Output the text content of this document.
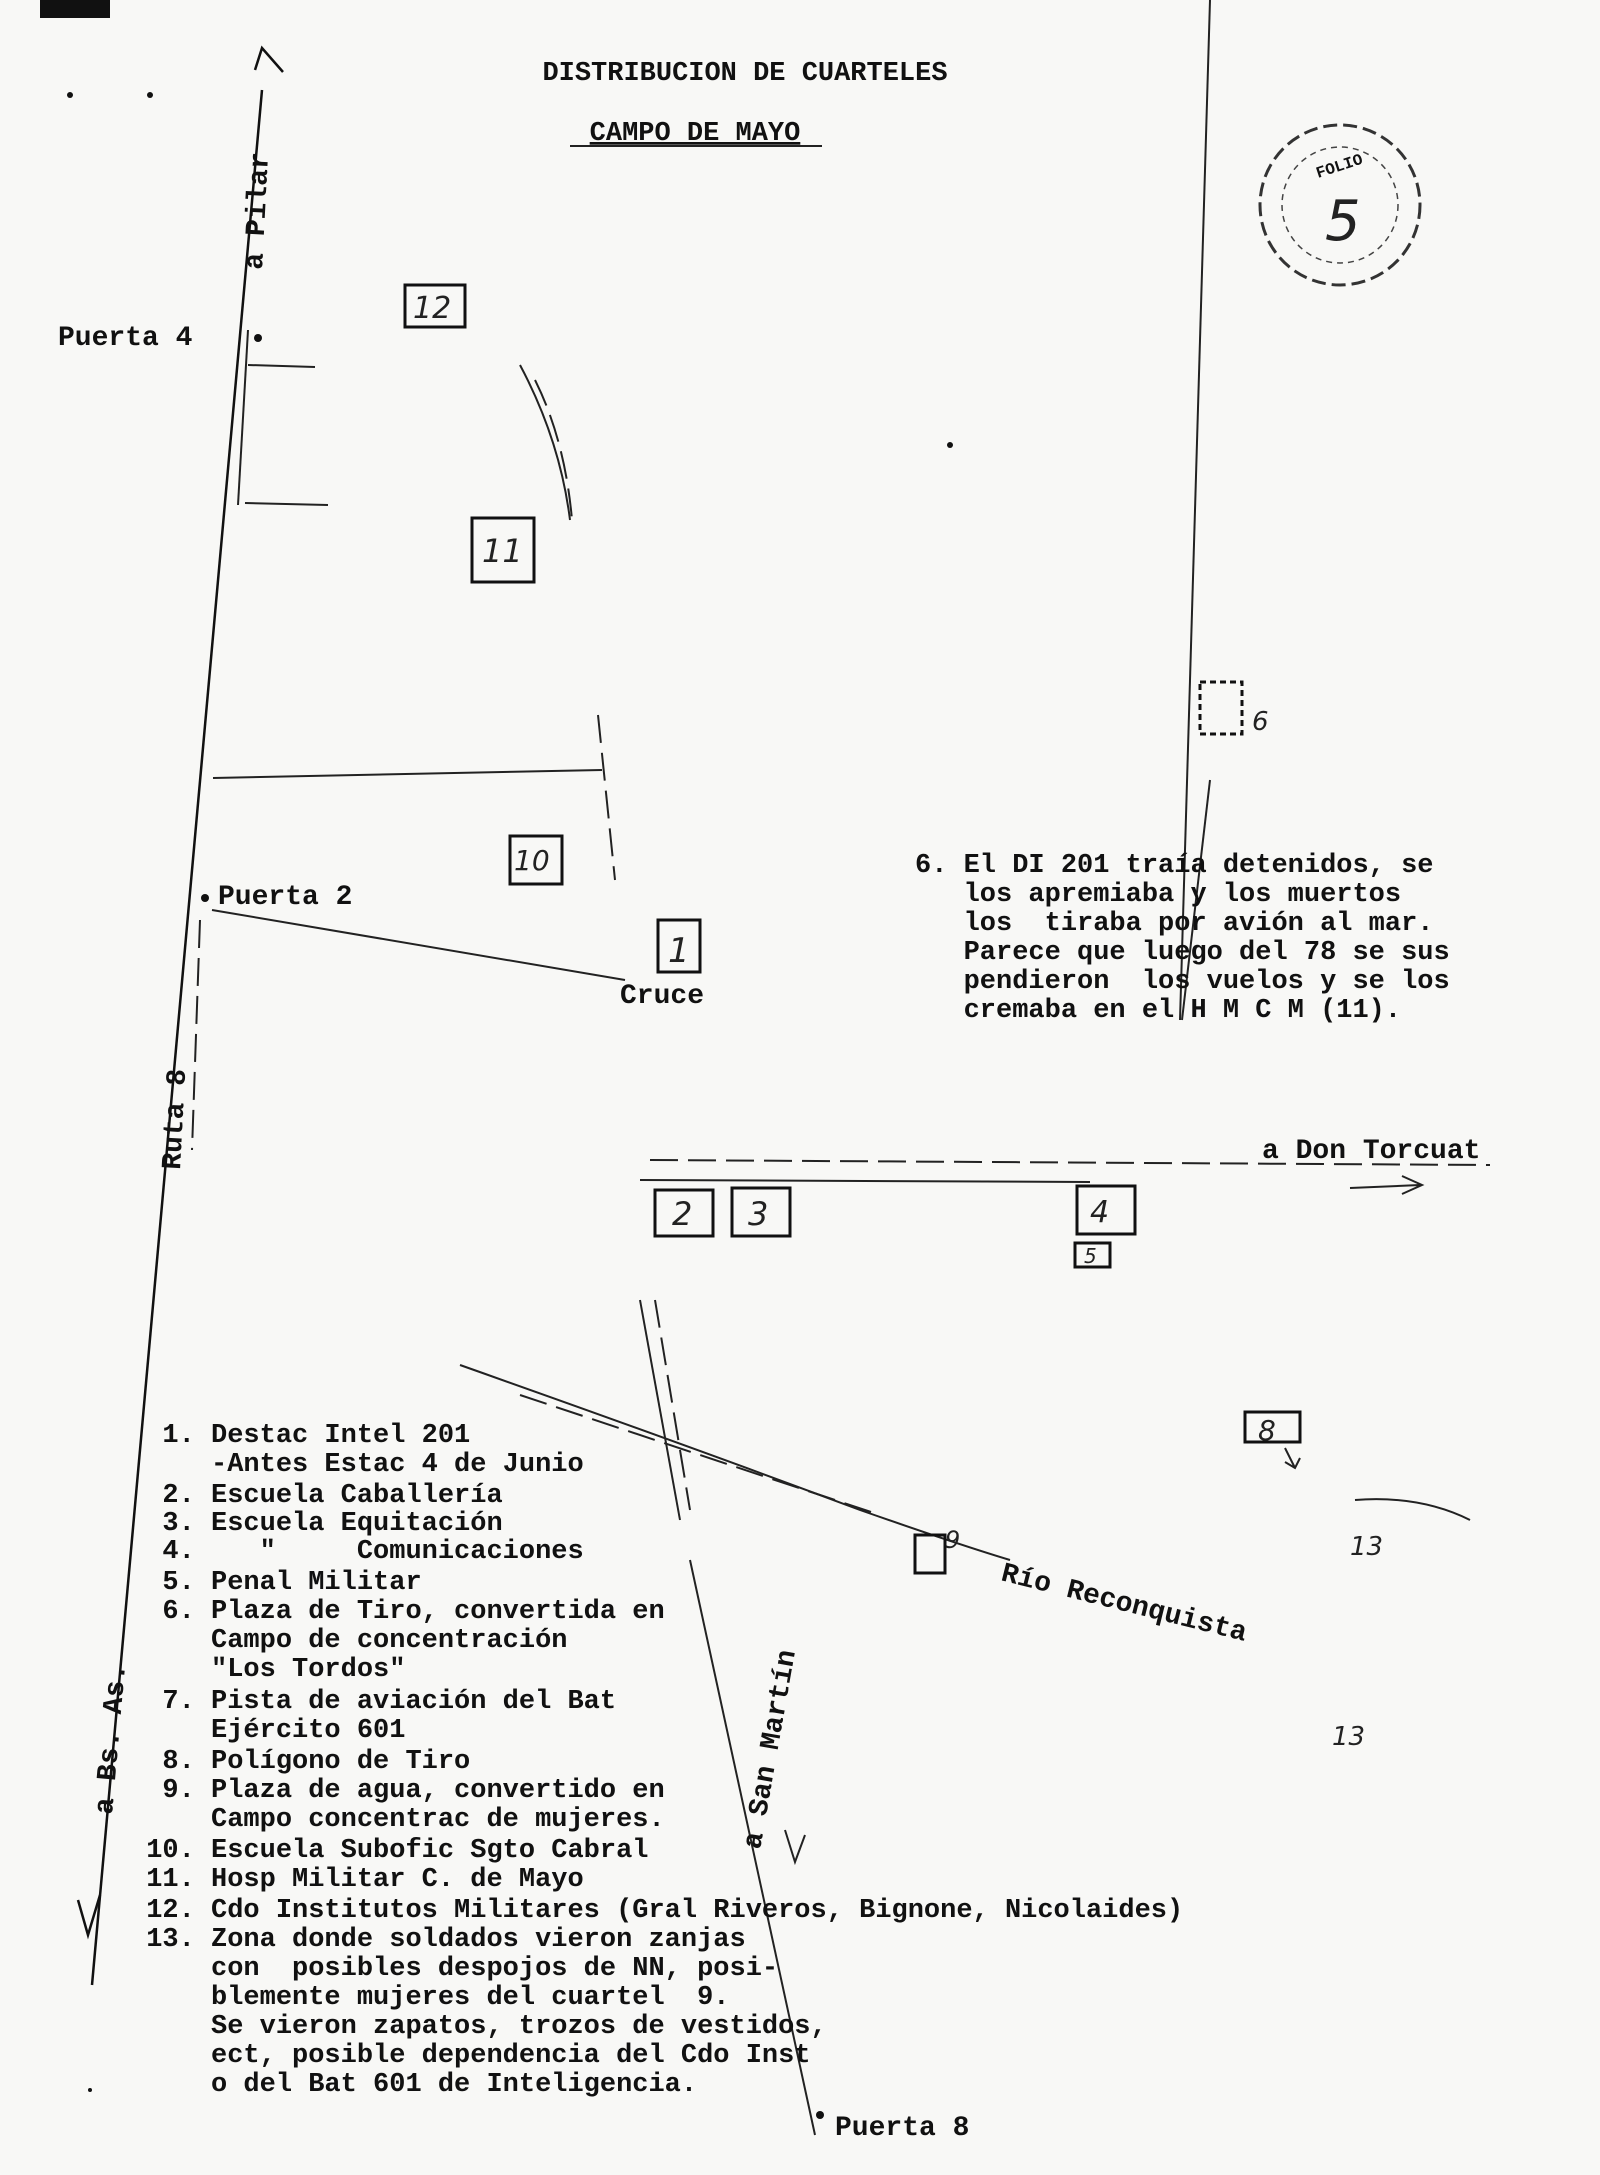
DISTRIBUCION DE CUARTELES
CAMPO DE MAYO
FOLIO
5
a Pilar
Ruta 8
a Bs. As.
Puerta 4
Puerta 2
Cruce
Puerta 8
a Don Torcuat
a San Martín
Río Reconquista
12
11
10
1
6
2 3	4
5
8
9	13
13
6. El DI 201 traía detenidos, se
los apremiaba y los muertos
los  tiraba por avión al mar.
Parece que luego del 78 se sus
pendieron  los vuelos y se los
cremaba en el H M C M (11).
1. Destac Intel 201
-Antes Estac 4 de Junio
2. Escuela Caballería
3. Escuela Equitación
4.    "     Comunicaciones
5. Penal Militar
6. Plaza de Tiro, convertida en
Campo de concentración
"Los Tordos"
7. Pista de aviación del Bat
Ejército 601
8. Polígono de Tiro
9. Plaza de agua, convertido en
Campo concentrac de mujeres.
10. Escuela Subofic Sgto Cabral
11. Hosp Militar C. de Mayo
12. Cdo Institutos Militares (Gral Riveros, Bignone, Nicolaides)
13. Zona donde soldados vieron zanjas
con  posibles despojos de NN, posi-
blemente mujeres del cuartel  9.
Se vieron zapatos, trozos de vestidos,
ect, posible dependencia del Cdo Inst
o del Bat 601 de Inteligencia.
